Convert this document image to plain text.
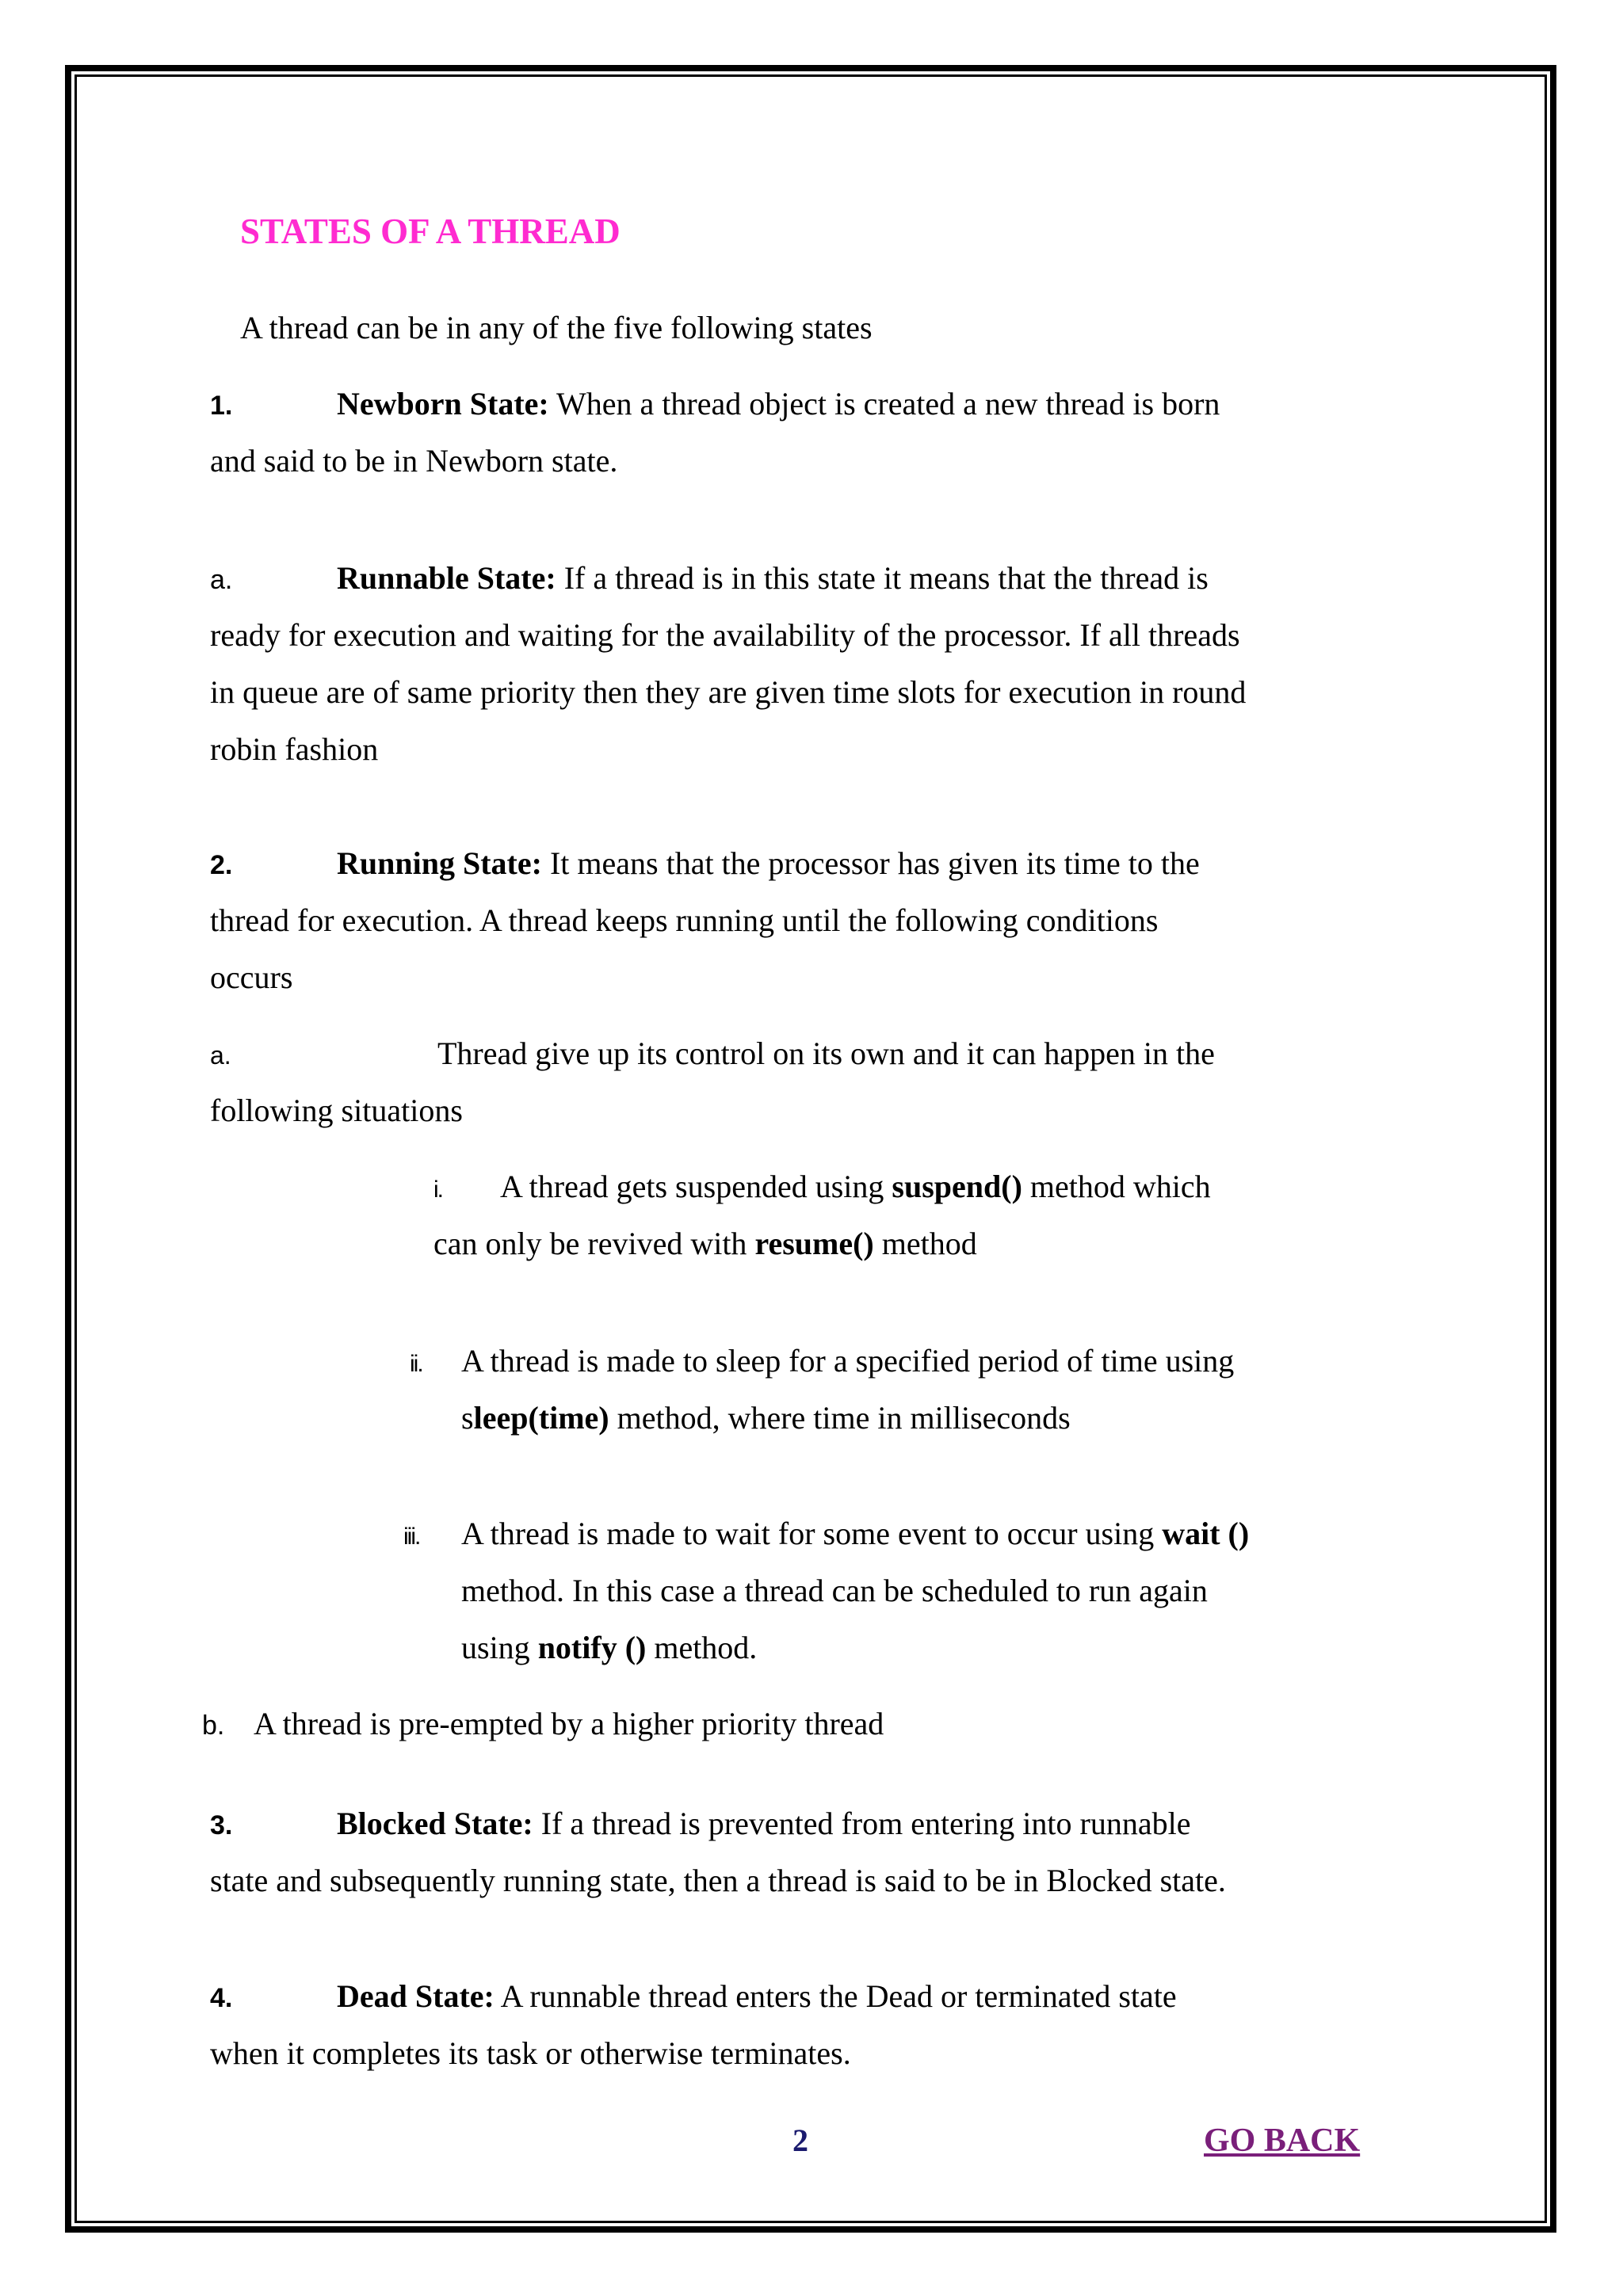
STATES OF A THREAD
A thread can be in any of the five following states
1.	Newborn State: When a thread object is created a new thread is born
and said to be in Newborn state.
a.	Runnable State: If a thread is in this state it means that the thread is
ready for execution and waiting for the availability of the processor. If all threads
in queue are of same priority then they are given time slots for execution in round
robin fashion
2.	Running State: It means that the processor has given its time to the
thread for execution. A thread keeps running until the following conditions
occurs
a.	Thread give up its control on its own and it can happen in the
following situations
i. A thread gets suspended using suspend() method which
can only be revived with resume() method
ii. A thread is made to sleep for a specified period of time using
sleep(time) method, where time in milliseconds
iii. A thread is made to wait for some event to occur using wait ()
method. In this case a thread can be scheduled to run again
using notify () method.
b. A thread is pre-empted by a higher priority thread
3.	Blocked State: If a thread is prevented from entering into runnable
state and subsequently running state, then a thread is said to be in Blocked state.
4.	Dead State: A runnable thread enters the Dead or terminated state
when it completes its task or otherwise terminates.
2	GO BACK
